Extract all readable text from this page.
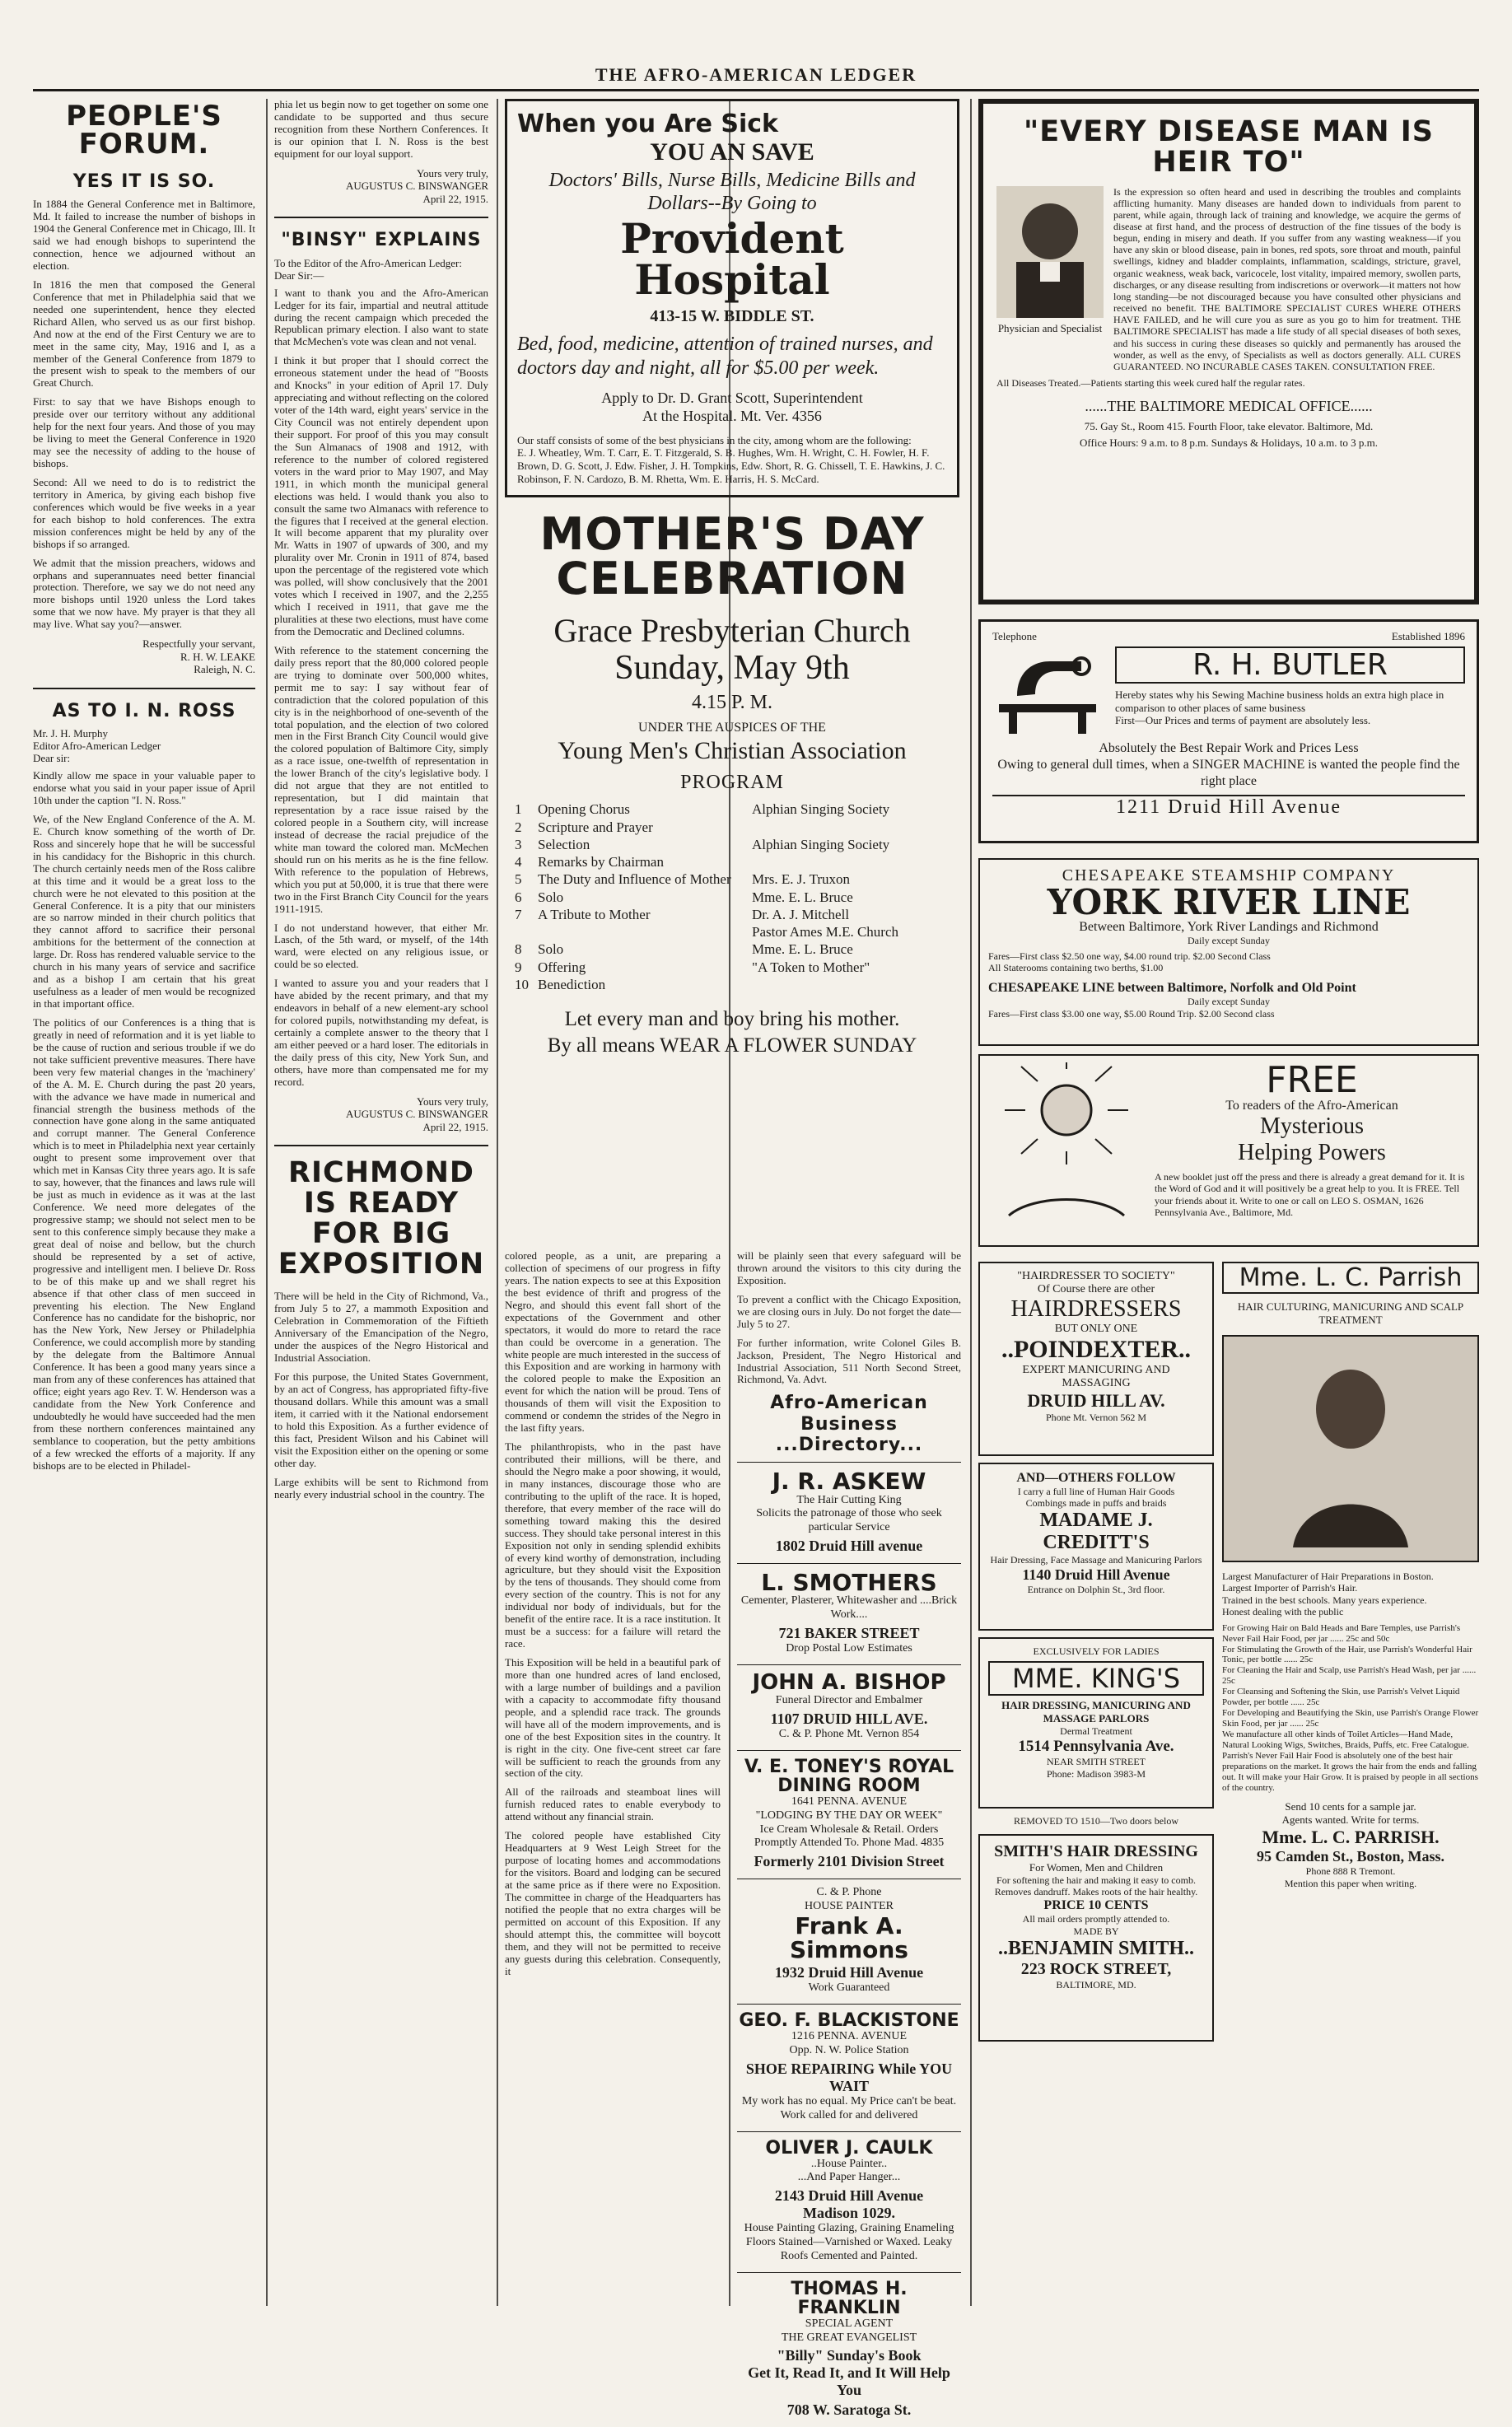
THE AFRO-AMERICAN LEDGER
PEOPLE'S FORUM.
YES IT IS SO.

In 1884 the General Conference met in Baltimore, Md. It failed to increase the number of bishops in 1904 the General Conference met in Chicago, Ill. It said we had enough bishops to superintend the connection, hence we adjourned without an election.

In 1816 the men that composed the General Conference that met in Philadelphia said that we needed one superintendent, hence they elected Richard Allen, who served us as our first bishop. And now at the end of the First Century we are to meet in the same city, May, 1916 and I, as a member of the General Conference from 1879 to the present wish to speak to the members of our Great Church.

First: to say that we have Bishops enough to preside over our territory without any additional help for the next four years. And those of you may be living to meet the General Conference in 1920 may see the necessity of adding to the house of bishops.

Second: All we need to do is to redistrict the territory in America, by giving each bishop five conferences which would be five weeks in a year for each bishop to hold conferences. The extra mission conferences might be held by any of the bishops if so arranged.

We admit that the mission preachers, widows and orphans and superannuates need better financial protection. Therefore, we say we do not need any more bishops until 1920 unless the Lord takes some that we now have. My prayer is that they all may live. What say you?—answer.

Respectfully your servant,
R. H. W. LEAKE
Raleigh, N. C.
AS TO I. N. ROSS
Mr. J. H. Murphy
Editor Afro-American Ledger
Dear sir:

Kindly allow me space in your valuable paper to endorse what you said in your paper issue of April 10th under the caption "I. N. Ross."

We, of the New England Conference of the A. M. E. Church know something of the worth of Dr. Ross and sincerely hope that he will be successful in his candidacy for the Bishopric in this church. The church certainly needs men of the Ross calibre at this time and it would be a great loss to the church were he not elevated to this position at the General Conference. It is a pity that our ministers are so narrow minded in their church politics that they cannot afford to sacrifice their personal ambitions for the betterment of the connection at large. Dr. Ross has rendered valuable service to the church in his many years of service and sacrifice and as a bishop I am certain that his great usefulness as a leader of men would be recognized in that important office.

The politics of our Conferences is a thing that is greatly in need of reformation and it is yet liable to be the cause of ruction and serious trouble if we do not take sufficient preventive measures. There have been very few material changes in the 'machinery' of the A. M. E. Church during the past 20 years, with the advance we have made in numerical and financial strength the business methods of the connection have gone along in the same antiquated and corrupt manner. The General Conference which is to meet in Philadelphia next year certainly ought to present some improvement over that which met in Kansas City three years ago. It is safe to say, however, that the finances and laws rule will be just as much in evidence as it was at the last Conference. We need more delegates of the progressive stamp; we should not select men to be sent to this conference simply because they make a great deal of noise and bellow, but the church should be represented by a set of active, progressive and intelligent men. I believe Dr. Ross to be of this make up and we shall regret his absence if that other class of men succeed in preventing his election. The New England Conference has no candidate for the bishopric, nor has the New York, New Jersey or Philadelphia Conference, we could accomplish more by standing by the delegate from the Baltimore Annual Conference. It has been a good many years since a man from any of these conferences has attained that office; eight years ago Rev. T. W. Henderson was a candidate from the New York Conference and undoubtedly he would have succeeded had the men from these northern conferences maintained any semblance to cooperation, but the petty ambitions of a few wrecked the efforts of a majority. If any bishops are to be elected in Philadel-

phia let us begin now to get together on some one candidate to be supported and thus secure recognition from these Northern Conferences. It is our opinion that I. N. Ross is the best equipment for our loyal support.

Yours very truly,
AUGUSTUS C. BINSWANGER
April 22, 1915.
"BINSY" EXPLAINS
To the Editor of the Afro-American Ledger:
Dear Sir:—

I want to thank you and the Afro-American Ledger for its fair, impartial and neutral attitude during the recent campaign which preceded the Republican primary election. I also want to state that McMechen's vote was clean and not venal.

I think it but proper that I should correct the erroneous statement under the head of "Boosts and Knocks" in your edition of April 17. Duly appreciating and without reflecting on the colored voter of the 14th ward, eight years' service in the City Council was not entirely dependent upon their support. For proof of this you may consult the Sun Almanacs of 1908 and 1912, with reference to the number of colored registered voters in the ward prior to May 1907, and May 1911, in which month the municipal general elections was held. I would thank you also to consult the same two Almanacs with reference to the figures that I received at the general election. It will become apparent that my plurality over Mr. Watts in 1907 of upwards of 300, and my plurality over Mr. Cronin in 1911 of 874, based upon the percentage of the registered vote which was polled, will show conclusively that the 2001 votes which I received in 1907, and the 2,255 which I received in 1911, that gave me the pluralities at these two elections, must have come from the Democratic and Declined columns.

With reference to the statement concerning the daily press report that the 80,000 colored people are trying to dominate over 500,000 whites, permit me to say: I say without fear of contradiction that the colored population of this city is in the neighborhood of one-seventh of the total population, and the election of two colored men in the First Branch City Council would give the colored population of Baltimore City, simply as a race issue, one-twelfth of representation in the lower Branch of the city's legislative body. I did not argue that they are not entitled to representation, but I did maintain that representation by a race issue raised by the colored people in a Southern city, will increase instead of decrease the racial prejudice of the white man toward the colored man. McMechen should run on his merits as he is the fine fellow. With reference to the population of Hebrews, which you put at 50,000, it is true that there were two in the First Branch City Council for the years 1911-1915.

I do not understand however, that either Mr. Lasch, of the 5th ward, or myself, of the 14th ward, were elected on any religious issue, or could be so elected.

I wanted to assure you and your readers that I have abided by the recent primary, and that my endeavors in behalf of a new element-ary school for colored pupils, notwithstanding my defeat, is certainly a complete answer to the theory that I am either peeved or a hard loser. The editorials in the daily press of this city, New York Sun, and others, have more than compensated me for my record.

Yours very truly,
AUGUSTUS C. BINSWANGER
April 22, 1915.
RICHMOND IS READY FOR BIG EXPOSITION

There will be held in the City of Richmond, Va., from July 5 to 27, a mammoth Exposition and Celebration in Commemoration of the Fiftieth Anniversary of the Emancipation of the Negro, under the auspices of the Negro Historical and Industrial Association.

For this purpose, the United States Government, by an act of Congress, has appropriated fifty-five thousand dollars. While this amount was a small item, it carried with it the National endorsement to hold this Exposition. As a further evidence of this fact, President Wilson and his Cabinet will visit the Exposition either on the opening or some other day.

Large exhibits will be sent to Richmond from nearly every industrial school in the country. The

When you Are Sick
YOU AN SAVE
Doctors' Bills, Nurse Bills, Medicine Bills and Dollars--By Going to
Provident Hospital
413-15 W. BIDDLE ST.
Bed, food, medicine, attention of trained nurses, and doctors day and night, all for $5.00 per week.
Apply to Dr. D. Grant Scott, Superintendent
At the Hospital. Mt. Ver. 4356
Our staff consists of some of the best physicians in the city, among whom are the following:
E. J. Wheatley, Wm. T. Carr, E. T. Fitzgerald, S. B. Hughes, Wm. H. Wright, C. H. Fowler, H. F. Brown, D. G. Scott, J. Edw. Fisher, J. H. Tompkins, Edw. Short, R. G. Chissell, T. E. Hawkins, J. C. Robinson, F. N. Cardozo, B. M. Rhetta, Wm. E. Harris, H. S. McCard.
MOTHER'S DAY CELEBRATION
Grace Presbyterian Church
Sunday, May 9th
4.15 P. M.
UNDER THE AUSPICES OF THE
Young Men's Christian Association
PROGRAM
1	Opening Chorus	Alphian Singing Society
2	Scripture and Prayer
3	Selection	Alphian Singing Society
4	Remarks by Chairman
5	The Duty and Influence of Mother	Mrs. E. J. Truxon
6	Solo	Mme. E. L. Bruce
7	A Tribute to Mother	Dr. A. J. Mitchell
Pastor Ames M.E. Church
8	Solo	Mme. E. L. Bruce
9	Offering	"A Token to Mother"
10 Benediction
Let every man and boy bring his mother.
By all means WEAR A FLOWER SUNDAY

colored people, as a unit, are preparing a collection of specimens of our progress in fifty years. The nation expects to see at this Exposition the best evidence of thrift and progress of the Negro, and should this event fall short of the expectations of the Government and other spectators, it would do more to retard the race than could be overcome in a generation. The white people are much interested in the success of this Exposition and are working in harmony with the colored people to make the Exposition an event for which the nation will be proud. Tens of thousands of them will visit the Exposition to commend or condemn the strides of the Negro in the last fifty years.

The philanthropists, who in the past have contributed their millions, will be there, and should the Negro make a poor showing, it would, in many instances, discourage those who are contributing to the uplift of the race. It is hoped, therefore, that every member of the race will do something toward making this the desired success. They should take personal interest in this Exposition not only in sending splendid exhibits of every kind worthy of demonstration, including agriculture, but they should visit the Exposition by the tens of thousands. They should come from every section of the country. This is not for any individual nor body of individuals, but for the benefit of the entire race. It is a race institution. It must be a success: for a failure will retard the race.

This Exposition will be held in a beautiful park of more than one hundred acres of land enclosed, with a large number of buildings and a pavilion with a capacity to accommodate fifty thousand people, and a splendid race track. The grounds will have all of the modern improvements, and is one of the best Exposition sites in the country. It is right in the city. One five-cent street car fare will be sufficient to reach the grounds from any section of the city.

All of the railroads and steamboat lines will furnish reduced rates to enable everybody to attend without any financial strain.

The colored people have established City Headquarters at 9 West Leigh Street for the purpose of locating homes and accommodations for the visitors. Board and lodging can be secured at the same price as if there were no Exposition. The committee in charge of the Headquarters has notified the people that no extra charges will be permitted on account of this Exposition. If any should attempt this, the committee will boycott them, and they will not be permitted to receive any guests during this celebration. Consequently, it

will be plainly seen that every safeguard will be thrown around the visitors to this city during the Exposition.

To prevent a conflict with the Chicago Exposition, we are closing ours in July. Do not forget the date—July 5 to 27.

For further information, write Colonel Giles B. Jackson, President, The Negro Historical and Industrial Association, 511 North Second Street, Richmond, Va. Advt.

Afro-American Business ...Directory...
J. R. ASKEW
The Hair Cutting King
Solicits the patronage of those who seek particular Service
1802 Druid Hill avenue
L. SMOTHERS
Cementer, Plasterer, Whitewasher and ....Brick Work....
721 BAKER STREET
Drop Postal Low Estimates
JOHN A. BISHOP
Funeral Director and Embalmer
1107 DRUID HILL AVE.
C. & P. Phone Mt. Vernon 854
V. E. TONEY'S ROYAL DINING ROOM
1641 PENNA. AVENUE
"LODGING BY THE DAY OR WEEK"
Ice Cream Wholesale & Retail. Orders Promptly Attended To. Phone Mad. 4835
Formerly 2101 Division Street
C. & P. Phone
HOUSE PAINTER
Frank A. Simmons
1932 Druid Hill Avenue
Work Guaranteed
GEO. F. BLACKISTONE
1216 PENNA. AVENUE
Opp. N. W. Police Station
SHOE REPAIRING While YOU WAIT
My work has no equal. My Price can't be beat. Work called for and delivered
OLIVER J. CAULK
..House Painter..
...And Paper Hanger...
2143 Druid Hill Avenue
Madison 1029.
House Painting Glazing, Graining Enameling Floors Stained—Varnished or Waxed. Leaky Roofs Cemented and Painted.
THOMAS H. FRANKLIN
SPECIAL AGENT
THE GREAT EVANGELIST
"Billy" Sunday's Book
Get It, Read It, and It Will Help You
708 W. Saratoga St.
"EVERY DISEASE MAN IS HEIR TO"
Physician and Specialist
Is the expression so often heard and used in describing the troubles and complaints afflicting humanity. Many diseases are handed down to individuals from parent to parent, while again, through lack of training and knowledge, we acquire the germs of disease at first hand, and the process of destruction of the fine tissues of the body is begun, ending in misery and death. If you suffer from any wasting weakness—if you have any skin or blood disease, pain in bones, red spots, sore throat and mouth, painful swellings, kidney and bladder complaints, inflammation, scaldings, stricture, gravel, organic weakness, weak back, varicocele, lost vitality, impaired memory, swollen parts, discharges, or any disease resulting from indiscretions or overwork—it matters not how long standing—be not discouraged because you have consulted other physicians and received no benefit. THE BALTIMORE SPECIALIST CURES WHERE OTHERS HAVE FAILED, and he will cure you as sure as you go to him for treatment. THE BALTIMORE SPECIALIST has made a life study of all special diseases of both sexes, and his success in curing these diseases so quickly and permanently has aroused the wonder, as well as the envy, of Specialists as well as doctors generally. ALL CURES GUARANTEED. NO INCURABLE CASES TAKEN. CONSULTATION FREE.
All Diseases Treated.—Patients starting this week cured half the regular rates.
......THE BALTIMORE MEDICAL OFFICE......
75. Gay St., Room 415. Fourth Floor, take elevator. Baltimore, Md.
Office Hours: 9 a.m. to 8 p.m. Sundays & Holidays, 10 a.m. to 3 p.m.
Telephone	Established 1896
R. H. BUTLER
Hereby states why his Sewing Machine business holds an extra high place in comparison to other places of same business
First—Our Prices and terms of payment are absolutely less.
Absolutely the Best Repair Work and Prices Less
Owing to general dull times, when a SINGER MACHINE is wanted the people find the right place
1211 Druid Hill Avenue
CHESAPEAKE STEAMSHIP COMPANY
YORK RIVER LINE
Between Baltimore, York River Landings and Richmond
Daily except Sunday
Fares—First class $2.50 one way, $4.00 round trip. $2.00 Second Class
All Staterooms containing two berths, $1.00
CHESAPEAKE LINE between Baltimore, Norfolk and Old Point
Daily except Sunday
Fares—First class $3.00 one way, $5.00 Round Trip. $2.00 Second class
FREE
To readers of the Afro-American
Mysterious
Helping Powers
A new booklet just off the press and there is already a great demand for it. It is the Word of God and it will positively be a great help to you. It is FREE. Tell your friends about it. Write to one or call on LEO S. OSMAN, 1626 Pennsylvania Ave., Baltimore, Md.
"HAIRDRESSER TO SOCIETY"
Of Course there are other
HAIRDRESSERS
BUT ONLY ONE
..POINDEXTER..
EXPERT MANICURING AND MASSAGING
DRUID HILL AV.
Phone Mt. Vernon 562 M
AND—OTHERS FOLLOW
I carry a full line of Human Hair Goods
Combings made in puffs and braids
MADAME J. CREDITT'S
Hair Dressing, Face Massage and Manicuring Parlors
1140 Druid Hill Avenue
Entrance on Dolphin St., 3rd floor.
EXCLUSIVELY FOR LADIES
MME. KING'S
HAIR DRESSING, MANICURING AND MASSAGE PARLORS
Dermal Treatment
1514 Pennsylvania Ave.
NEAR SMITH STREET
Phone: Madison 3983-M
REMOVED TO 1510—Two doors below
SMITH'S HAIR DRESSING
For Women, Men and Children
For softening the hair and making it easy to comb. Removes dandruff. Makes roots of the hair healthy.
PRICE 10 CENTS
All mail orders promptly attended to.
MADE BY
..BENJAMIN SMITH..
223 ROCK STREET,
BALTIMORE, MD.
Mme. L. C. Parrish
HAIR CULTURING, MANICURING AND SCALP TREATMENT
Largest Manufacturer of Hair Preparations in Boston.
Largest Importer of Parrish's Hair.
Trained in the best schools. Many years experience.
Honest dealing with the public
For Growing Hair on Bald Heads and Bare Temples, use Parrish's Never Fail Hair Food, per jar ...... 25c and 50c
For Stimulating the Growth of the Hair, use Parrish's Wonderful Hair Tonic, per bottle ...... 25c
For Cleaning the Hair and Scalp, use Parrish's Head Wash, per jar ...... 25c
For Cleansing and Softening the Skin, use Parrish's Velvet Liquid Powder, per bottle ...... 25c
For Developing and Beautifying the Skin, use Parrish's Orange Flower Skin Food, per jar ...... 25c
We manufacture all other kinds of Toilet Articles—Hand Made, Natural Looking Wigs, Switches, Braids, Puffs, etc. Free Catalogue.
Parrish's Never Fail Hair Food is absolutely one of the best hair preparations on the market. It grows the hair from the ends and falling out. It will make your Hair Grow. It is praised by people in all sections of the country.
Send 10 cents for a sample jar.
Agents wanted. Write for terms.
Mme. L. C. PARRISH.
95 Camden St., Boston, Mass.
Phone 888 R Tremont.
Mention this paper when writing.
